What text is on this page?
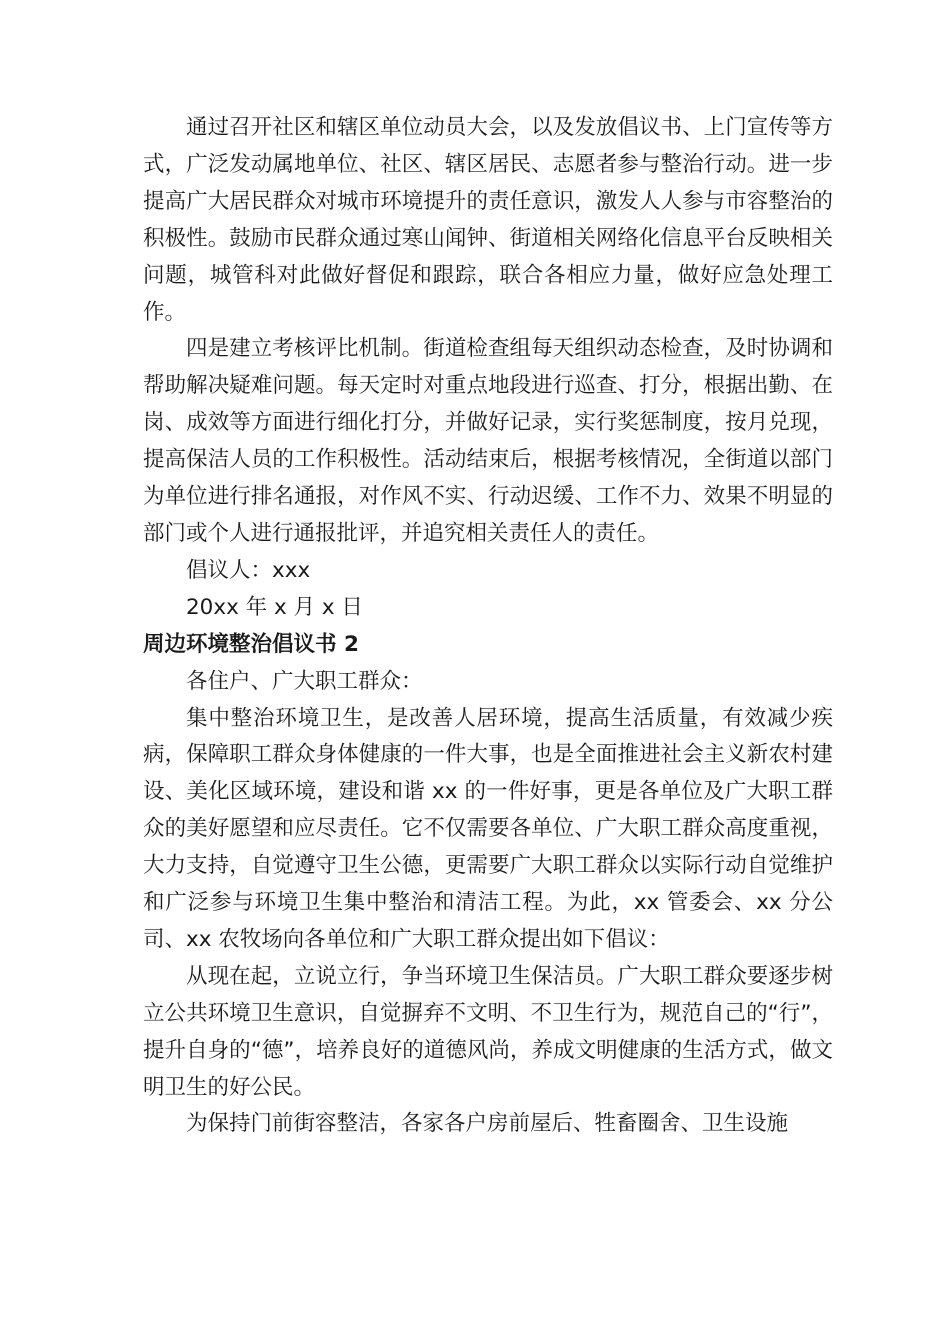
通过召开社区和辖区单位动员大会，以及发放倡议书、上门宣传等方式，广泛发动属地单位、社区、辖区居民、志愿者参与整治行动。进一步提高广大居民群众对城市环境提升的责任意识，激发人人参与市容整治的积极性。鼓励市民群众通过寒山闻钟、街道相关网络化信息平台反映相关问题，城管科对此做好督促和跟踪，联合各相应力量，做好应急处理工作。

四是建立考核评比机制。街道检查组每天组织动态检查，及时协调和帮助解决疑难问题。每天定时对重点地段进行巡查、打分，根据出勤、在岗、成效等方面进行细化打分，并做好记录，实行奖惩制度，按月兑现，提高保洁人员的工作积极性。活动结束后，根据考核情况，全街道以部门为单位进行排名通报，对作风不实、行动迟缓、工作不力、效果不明显的部门或个人进行通报批评，并追究相关责任人的责任。

倡议人：xxx

20xx 年 x 月 x 日

周边环境整治倡议书 2

各住户、广大职工群众：

集中整治环境卫生，是改善人居环境，提高生活质量，有效减少疾病，保障职工群众身体健康的一件大事，也是全面推进社会主义新农村建设、美化区域环境，建设和谐 xx 的一件好事，更是各单位及广大职工群众的美好愿望和应尽责任。它不仅需要各单位、广大职工群众高度重视，大力支持，自觉遵守卫生公德，更需要广大职工群众以实际行动自觉维护和广泛参与环境卫生集中整治和清洁工程。为此，xx 管委会、xx 分公司、xx 农牧场向各单位和广大职工群众提出如下倡议：

从现在起，立说立行，争当环境卫生保洁员。广大职工群众要逐步树立公共环境卫生意识，自觉摒弃不文明、不卫生行为，规范自己的“行”，提升自身的“德”，培养良好的道德风尚，养成文明健康的生活方式，做文明卫生的好公民。

为保持门前街容整洁，各家各户房前屋后、牲畜圈舍、卫生设施
